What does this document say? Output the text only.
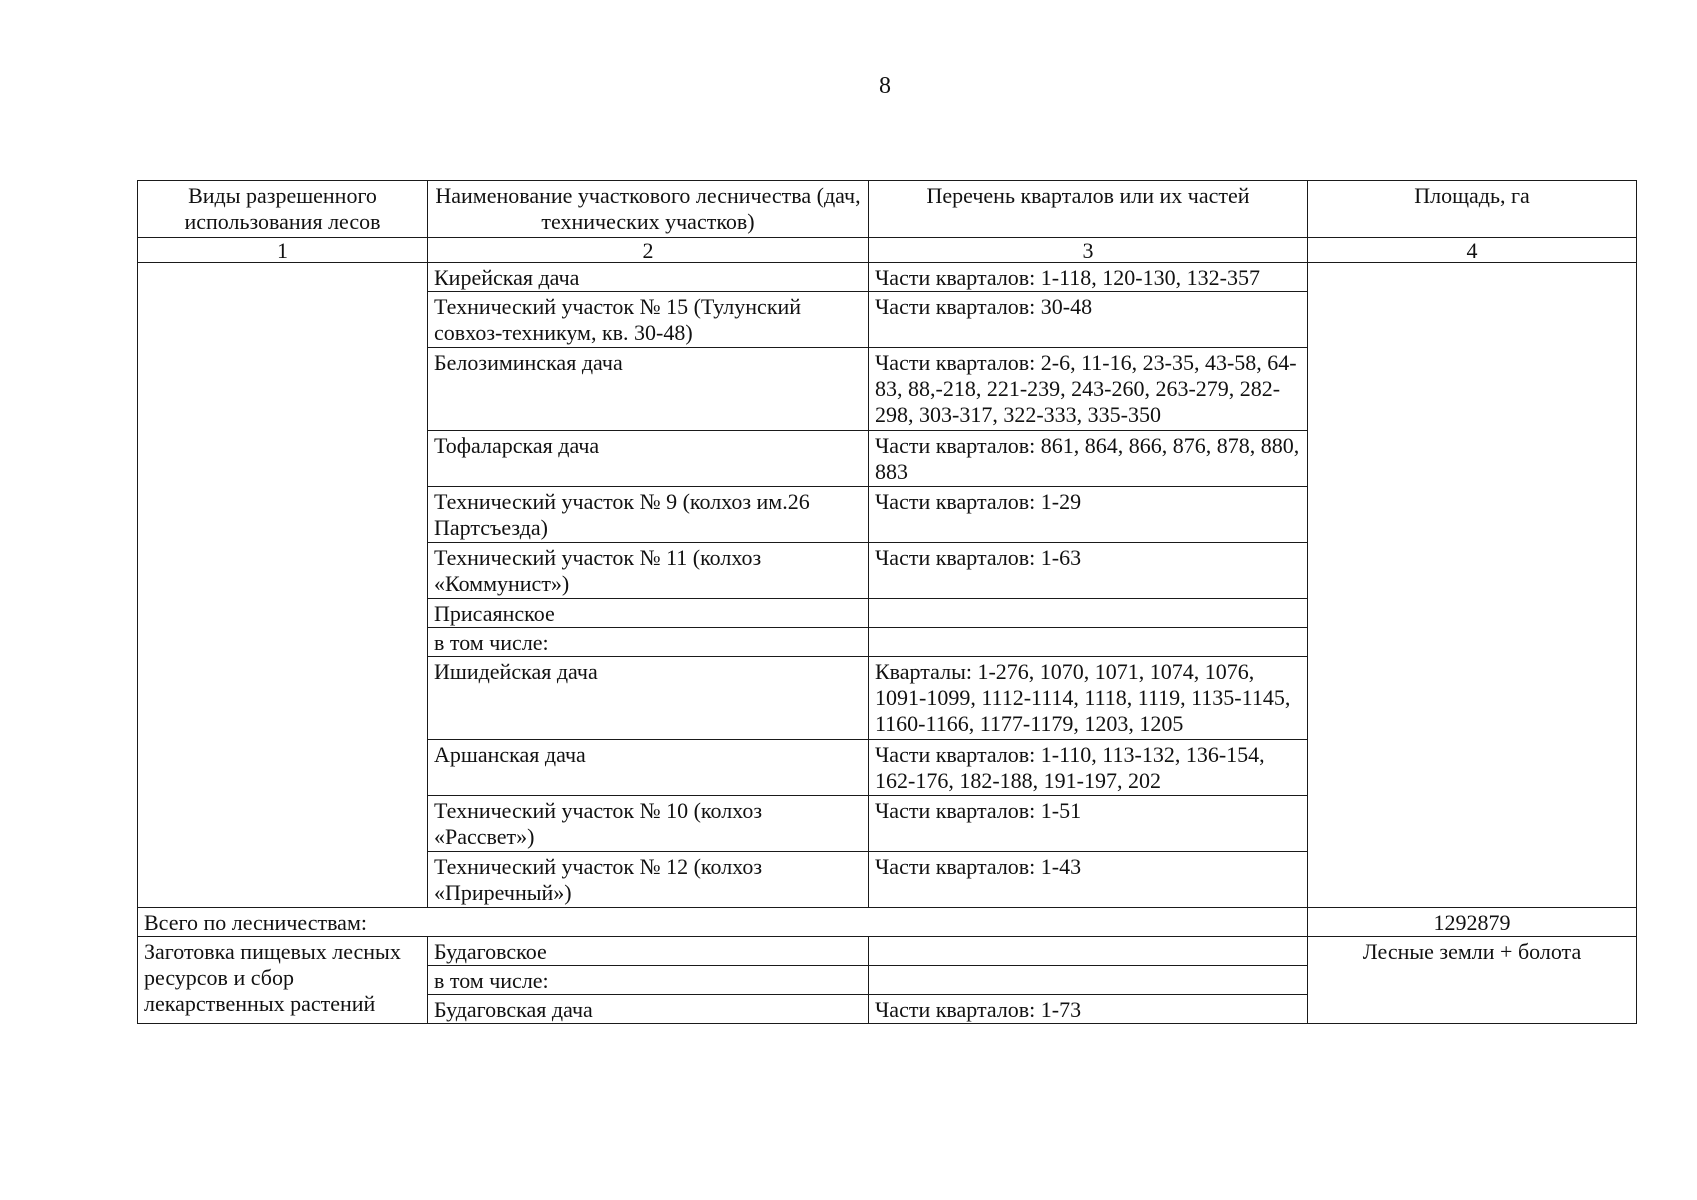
8
Виды разрешенного использования лесов	Наименование участкового лесничества (дач, технических участков)	Перечень кварталов или их частей	Площадь, га
1	2	3	4
	Кирейская дача	Части кварталов: 1-118, 120-130, 132-357	
	Технический участок № 15 (Тулунский совхоз-техникум, кв. 30-48)	Части кварталов: 30-48	
	Белозиминская дача	Части кварталов: 2-6, 11-16, 23-35, 43-58, 64-83, 88,-218, 221-239, 243-260, 263-279, 282-298, 303-317, 322-333, 335-350	
	Тофаларская дача	Части кварталов: 861, 864, 866, 876, 878, 880, 883	
	Технический участок № 9 (колхоз им.26 Партсъезда)	Части кварталов: 1-29	
	Технический участок № 11 (колхоз «Коммунист»)	Части кварталов: 1-63	
	Присаянское		
	в том числе:		
	Ишидейская дача	Кварталы: 1-276, 1070, 1071, 1074, 1076, 1091-1099, 1112-1114, 1118, 1119, 1135-1145, 1160-1166, 1177-1179, 1203, 1205	
	Аршанская дача	Части кварталов: 1-110, 113-132, 136-154, 162-176, 182-188, 191-197, 202	
	Технический участок № 10 (колхоз «Рассвет»)	Части кварталов: 1-51	
	Технический участок № 12 (колхоз «Приречный»)	Части кварталов: 1-43	
Всего по лесничествам:			1292879
Заготовка пищевых лесных ресурсов и сбор лекарственных растений	Будаговское		Лесные земли + болота
	в том числе:		
	Будаговская дача	Части кварталов: 1-73	
